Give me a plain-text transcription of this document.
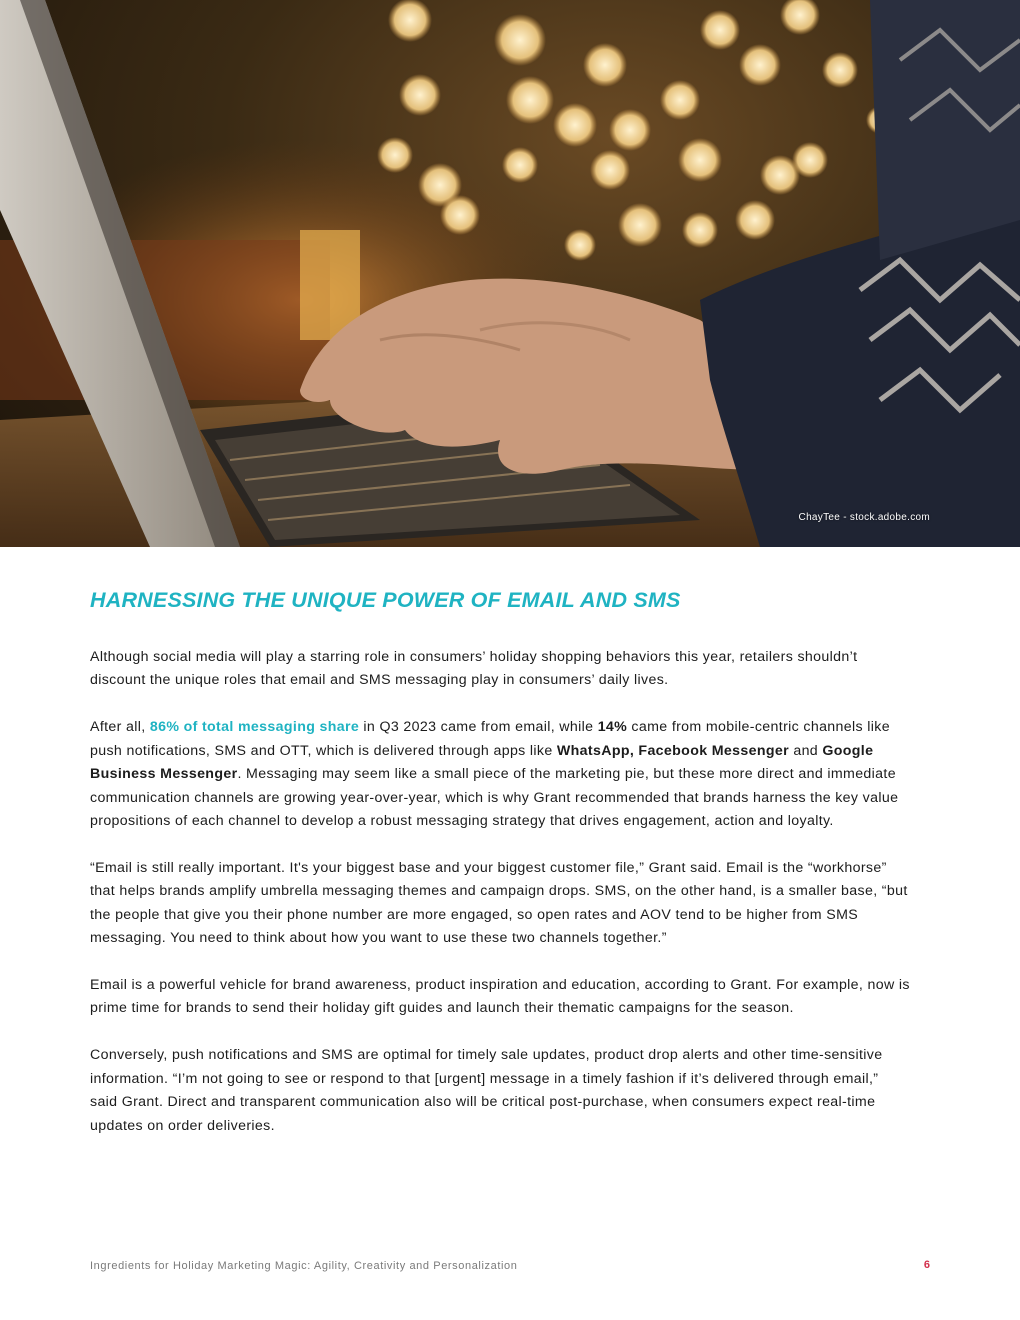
ChayTee - stock.adobe.com
HARNESSING THE UNIQUE POWER OF EMAIL AND SMS

Although social media will play a starring role in consumers’ holiday shopping behaviors this year, retailers shouldn’t discount the unique roles that email and SMS messaging play in consumers’ daily lives.

After all, 86% of total messaging share in Q3 2023 came from email, while 14% came from mobile-centric channels like push notifications, SMS and OTT, which is delivered through apps like WhatsApp, Facebook Messenger and Google Business Messenger. Messaging may seem like a small piece of the marketing pie, but these more direct and immediate communication channels are growing year-over-year, which is why Grant recommended that brands harness the key value propositions of each channel to develop a robust messaging strategy that drives engagement, action and loyalty.

“Email is still really important. It's your biggest base and your biggest customer file,” Grant said. Email is the “workhorse” that helps brands amplify umbrella messaging themes and campaign drops. SMS, on the other hand, is a smaller base, “but the people that give you their phone number are more engaged, so open rates and AOV tend to be higher from SMS messaging. You need to think about how you want to use these two channels together.”

Email is a powerful vehicle for brand awareness, product inspiration and education, according to Grant. For example, now is prime time for brands to send their holiday gift guides and launch their thematic campaigns for the season.

Conversely, push notifications and SMS are optimal for timely sale updates, product drop alerts and other time-sensitive information. “I’m not going to see or respond to that [urgent] message in a timely fashion if it’s delivered through email,” said Grant. Direct and transparent communication also will be critical post-purchase, when consumers expect real-time updates on order deliveries.

Ingredients for Holiday Marketing Magic: Agility, Creativity and Personalization	6
